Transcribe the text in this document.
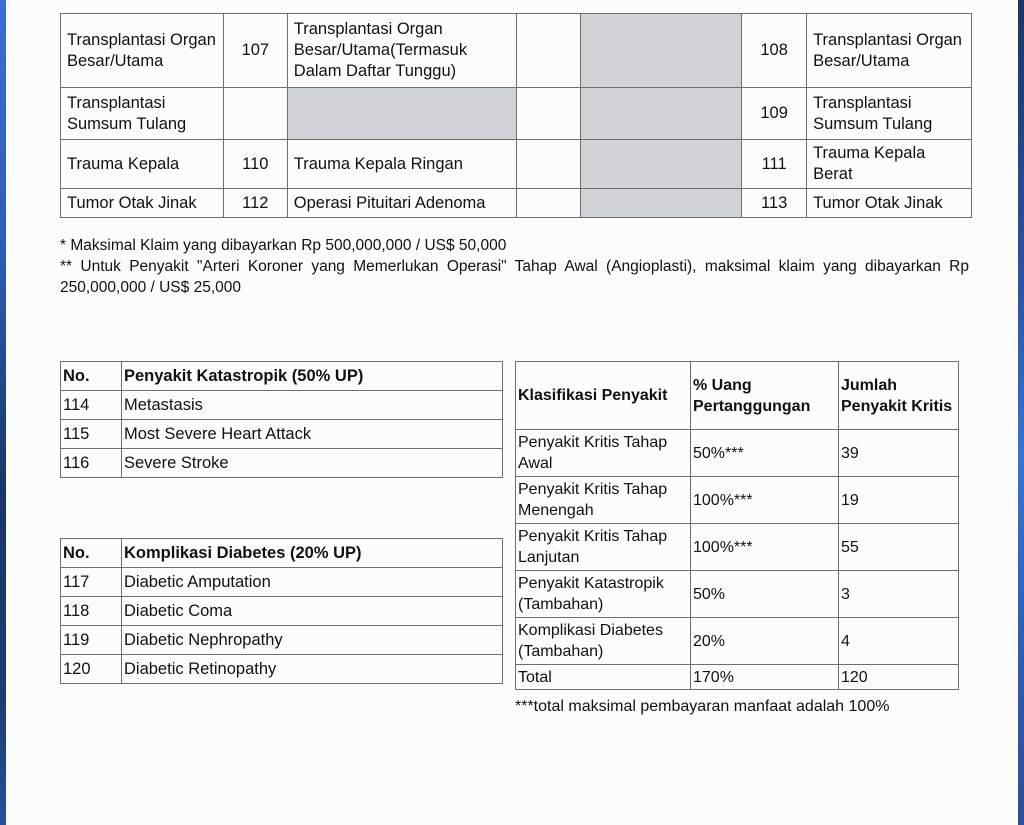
Transplantasi Organ Besar/Utama	107	Transplantasi Organ Besar/Utama(Termasuk Dalam Daftar Tunggu)			108	Transplantasi Organ Besar/Utama
Transplantasi Sumsum Tulang					109	Transplantasi Sumsum Tulang
Trauma Kepala	110	Trauma Kepala Ringan			111	Trauma Kepala Berat
Tumor Otak Jinak	112	Operasi Pituitari Adenoma			113	Tumor Otak Jinak

* Maksimal Klaim yang dibayarkan Rp 500,000,000 / US$ 50,000

** Untuk Penyakit "Arteri Koroner yang Memerlukan Operasi" Tahap Awal (Angioplasti), maksimal klaim yang dibayarkan Rp 250,000,000 / US$ 25,000

No.	Penyakit Katastropik (50% UP)
114	Metastasis
115	Most Severe Heart Attack
116	Severe Stroke
No.	Komplikasi Diabetes (20% UP)
117	Diabetic Amputation
118	Diabetic Coma
119	Diabetic Nephropathy
120	Diabetic Retinopathy
Klasifikasi Penyakit	% Uang Pertanggungan	Jumlah Penyakit Kritis
Penyakit Kritis Tahap Awal	50%***	39
Penyakit Kritis Tahap Menengah	100%***	19
Penyakit Kritis Tahap Lanjutan	100%***	55
Penyakit Katastropik (Tambahan)	50%	3
Komplikasi Diabetes (Tambahan)	20%	4
Total	170%	120
***total maksimal pembayaran manfaat adalah 100%
